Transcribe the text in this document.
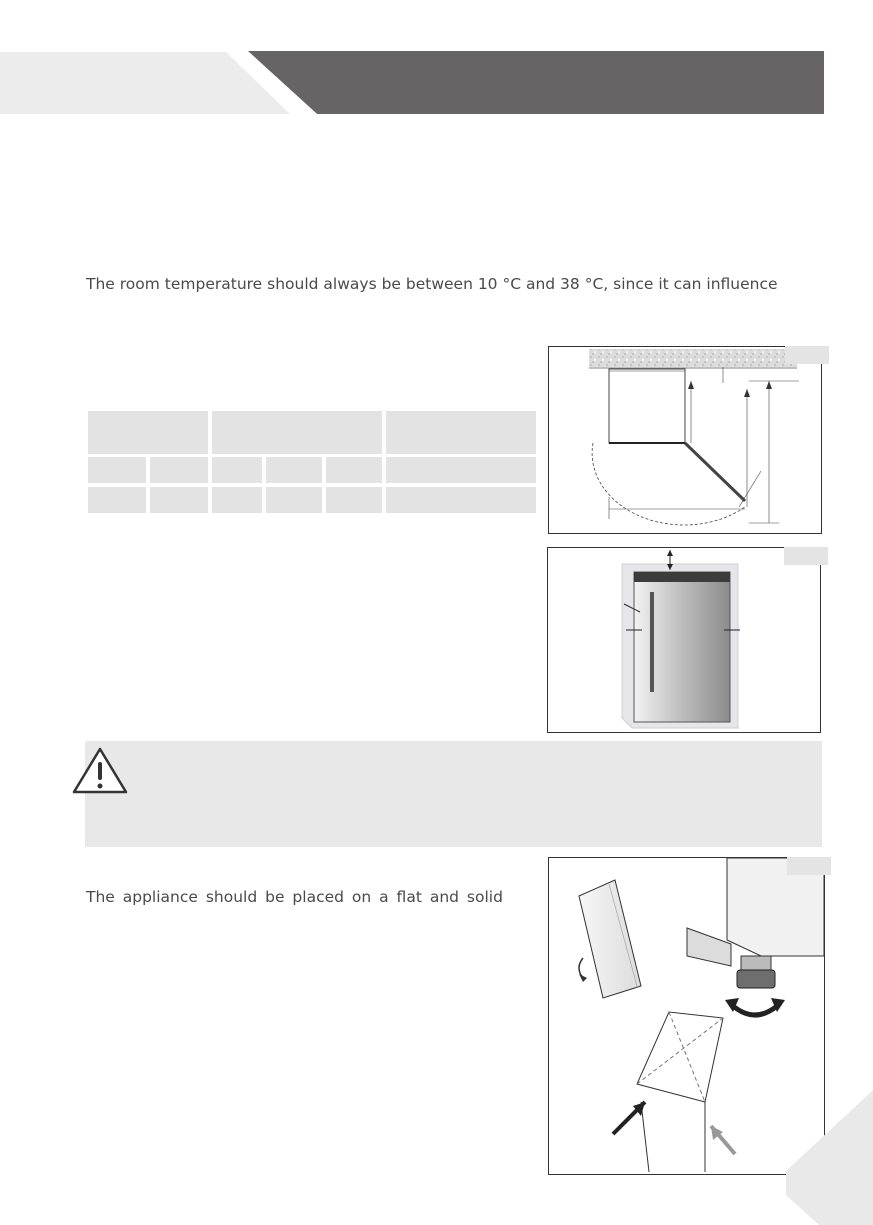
The room temperature should always be between 10 °C and 38 °C, since it can influence
The appliance should be placed on a flat and solid
